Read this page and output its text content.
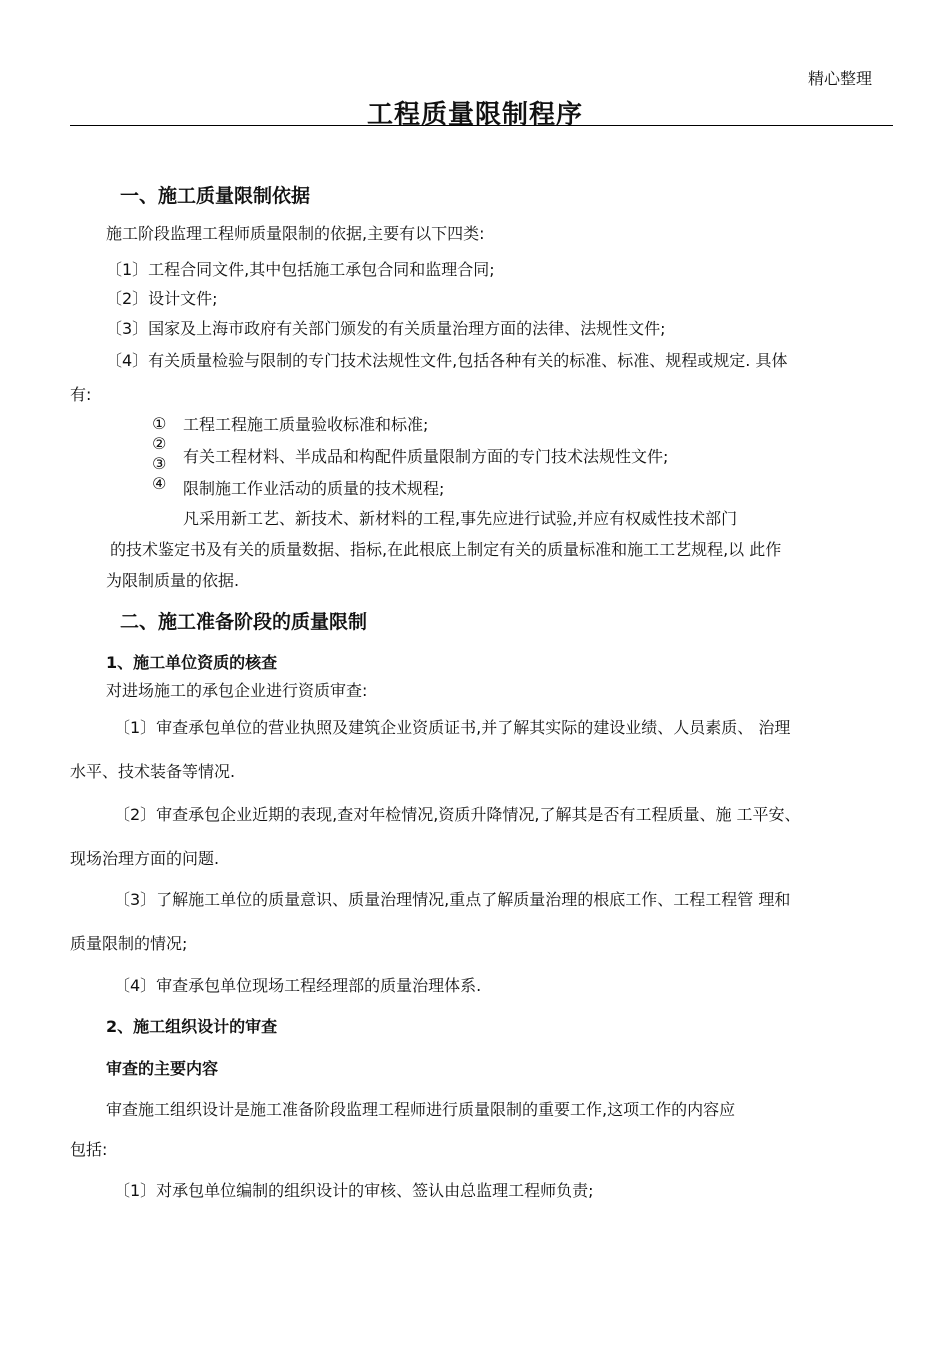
精心整理
工程质量限制程序
一、施工质量限制依据
施工阶段监理工程师质量限制的依据,主要有以下四类:
〔1〕工程合同文件,其中包括施工承包合同和监理合同;
〔2〕设计文件;
〔3〕国家及上海市政府有关部门颁发的有关质量治理方面的法律、法规性文件;
〔4〕有关质量检验与限制的专门技术法规性文件,包括各种有关的标准、标准、规程或规定. 具体
有:
①
②
③
④
工程工程施工质量验收标准和标准;
有关工程材料、半成品和构配件质量限制方面的专门技术法规性文件;
限制施工作业活动的质量的技术规程;
凡采用新工艺、新技术、新材料的工程,事先应进行试验,并应有权威性技术部门
的技术鉴定书及有关的质量数据、指标,在此根底上制定有关的质量标准和施工工艺规程,以 此作
为限制质量的依据.
二、施工准备阶段的质量限制
1、施工单位资质的核查
对进场施工的承包企业进行资质审查:
〔1〕审查承包单位的营业执照及建筑企业资质证书,并了解其实际的建设业绩、人员素质、 治理
水平、技术装备等情况.
〔2〕审查承包企业近期的表现,查对年检情况,资质升降情况,了解其是否有工程质量、施 工平安、
现场治理方面的问题.
〔3〕了解施工单位的质量意识、质量治理情况,重点了解质量治理的根底工作、工程工程管 理和
质量限制的情况;
〔4〕审查承包单位现场工程经理部的质量治理体系.
2、施工组织设计的审查
审查的主要内容
审查施工组织设计是施工准备阶段监理工程师进行质量限制的重要工作,这项工作的内容应
包括:
〔1〕对承包单位编制的组织设计的审核、签认由总监理工程师负责;
